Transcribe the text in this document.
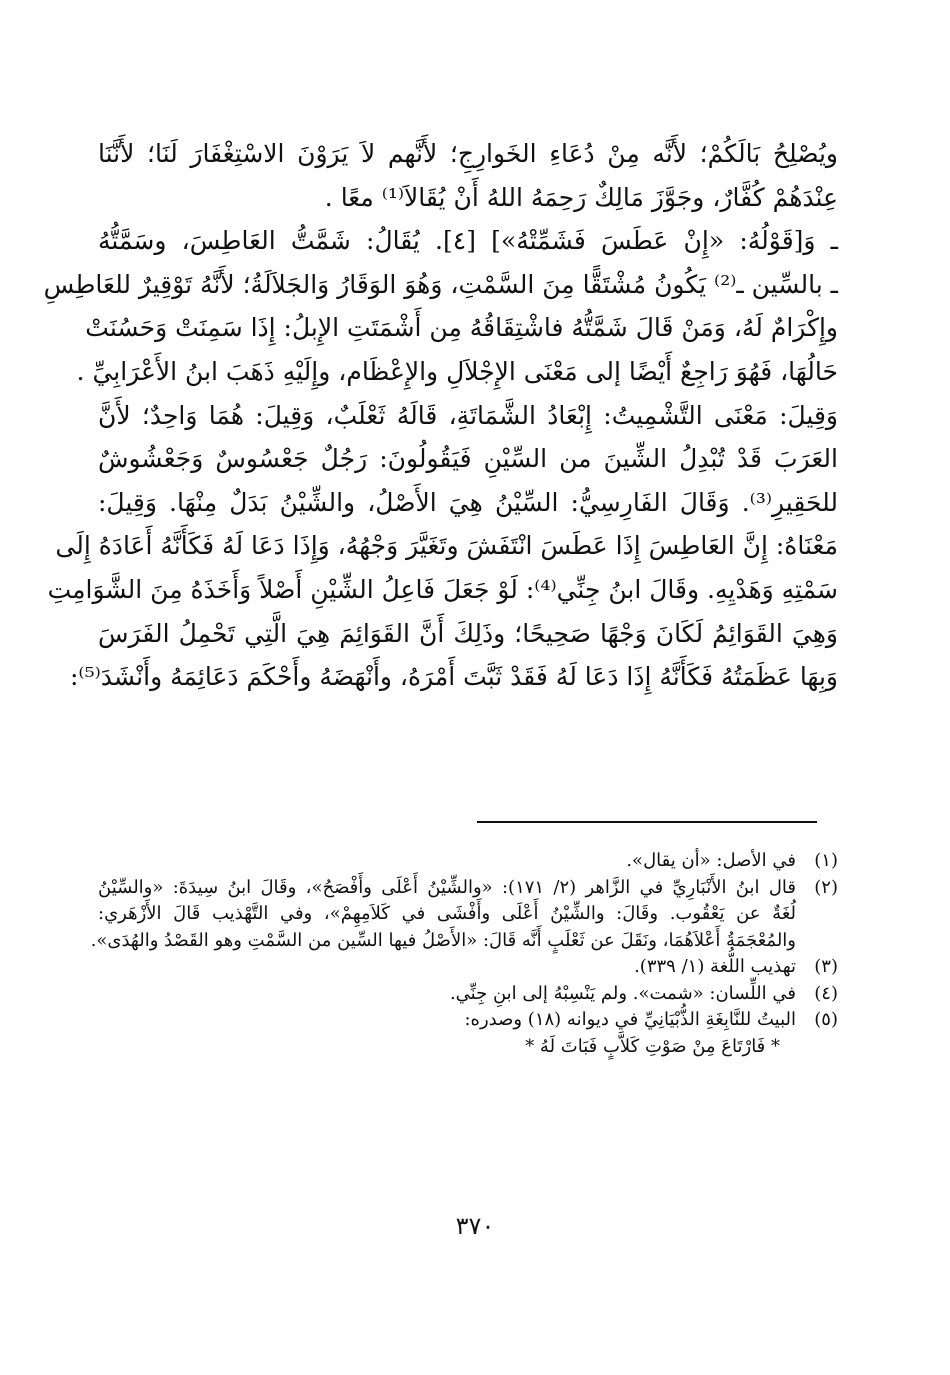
ويُصْلِحُ بَالَكُمْ؛ لأَنَّه مِنْ دُعَاءِ الخَوارِجِ؛ لأَنَّهم لاَ يَرَوْنَ الاسْتِغْفَارَ لَنَا؛ لأَنَّنَا
عِنْدَهُمْ كُفَّارٌ، وجَوَّزَ مَالِكٌ رَحِمَهُ اللهُ أَنْ يُقَالاَ⁽¹⁾ معًا .
ـ وَ[قَوْلُهُ: «إِنْ عَطَسَ فَشَمِّتْهُ»] [٤]. يُقَالُ: شَمَّتُّ العَاطِسَ، وسَمَّتُّهُ
ـ بالسِّين ـ⁽²⁾ يَكُونُ مُشْتَقًّا مِنَ السَّمْتِ، وَهُوَ الوَقَارُ وَالجَلاَلَةُ؛ لأَنَّهُ تَوْقِيرٌ للعَاطِسِ
وإِكْرَامٌ لَهُ، وَمَنْ قَالَ شَمَّتُّهُ فاشْتِقَاقُهُ مِن أَشْمَتَتِ الإِبلُ: إِذَا سَمِنَتْ وَحَسُنَتْ
حَالُهَا، فَهُوَ رَاجِعٌ أَيْضًا إلى مَعْنَى الإِجْلاَلِ والإِعْظَام، وإِلَيْهِ ذَهَبَ ابنُ الأَعْرَابِيِّ .
وَقِيلَ: مَعْنَى التَّشْمِيتُ: إِبْعَادُ الشَّمَاتَةِ، قَالَهُ ثَعْلَبٌ، وَقِيلَ: هُمَا وَاحِدٌ؛ لأَنَّ
العَرَبَ قَدْ تُبْدِلُ الشِّينَ من السِّيْنِ فَيَقُولُونَ: رَجُلٌ جَعْسُوسٌ وَجَعْشُوشٌ
للحَقِيرِ⁽³⁾. وَقَالَ الفَارِسِيُّ: السِّيْنُ هِيَ الأَصْلُ، والشِّيْنُ بَدَلٌ مِنْهَا. وَقِيلَ:
مَعْنَاهُ: إِنَّ العَاطِسَ إِذَا عَطَسَ انْتَفَشَ وتَغَيَّرَ وَجْهُهُ، وَإِذَا دَعَا لَهُ فَكَأَنَّهُ أَعَادَهُ إِلَى
سَمْتِهِ وَهَدْيِهِ. وقَالَ ابنُ جِنِّي⁽⁴⁾: لَوْ جَعَلَ فَاعِلُ الشِّيْنِ أَصْلاً وَأَخَذَهُ مِنَ الشَّوَامِتِ
وَهِيَ القَوَائِمُ لَكَانَ وَجْهًا صَحِيحًا؛ وذَلِكَ أَنَّ القَوَائِمَ هِيَ الَّتِي تَحْمِلُ الفَرَسَ
وَبِهَا عَظَمَتُهُ فَكَأَنَّهُ إِذَا دَعَا لَهُ فَقَدْ ثَبَّتَ أَمْرَهُ، وأَنْهَضَهُ وأَحْكَمَ دَعَائِمَهُ وأَنْشَدَ⁽⁵⁾:
(١)
في الأصل: «أن يقال».
(٢)
قال ابنُ الأَنْبَارِيِّ في الزَّاهر (٢/ ١٧١): «والشِّيْنُ أَعْلَى وأَفْصَحُ»، وقَالَ ابنُ سِيدَةَ: «والسِّيْنُ
لُغَةٌ عن يَعْقُوب. وقَالَ: والشِّيْنُ أَعْلَى وأَفْشَى في كَلاَمِهِمْ»، وفي التَّهْذيب قَالَ الأَزْهَري:
والمُعْجَمَةُ أَعْلاَهُمَا، ونَقَلَ عن ثَعْلَبٍ أَنَّه قَالَ: «الأَصْلُ فيها السِّين من السَّمْتِ وهو القَصْدُ والهُدَى».
(٣)
تهذيب اللُّغة (١/ ٣٣٩).
(٤)
في اللِّسان: «شمت». ولم يَنْسِبْهُ إلى ابنِ جِنِّي.
(٥)
البيتُ للنَّابِغَةِ الذُّبْيَانِيِّ في ديوانه (١٨) وصدره:
* فَارْتَاعَ مِنْ صَوْتِ كَلاَّبٍ فَبَاتَ لَهُ *
٣٧٠
